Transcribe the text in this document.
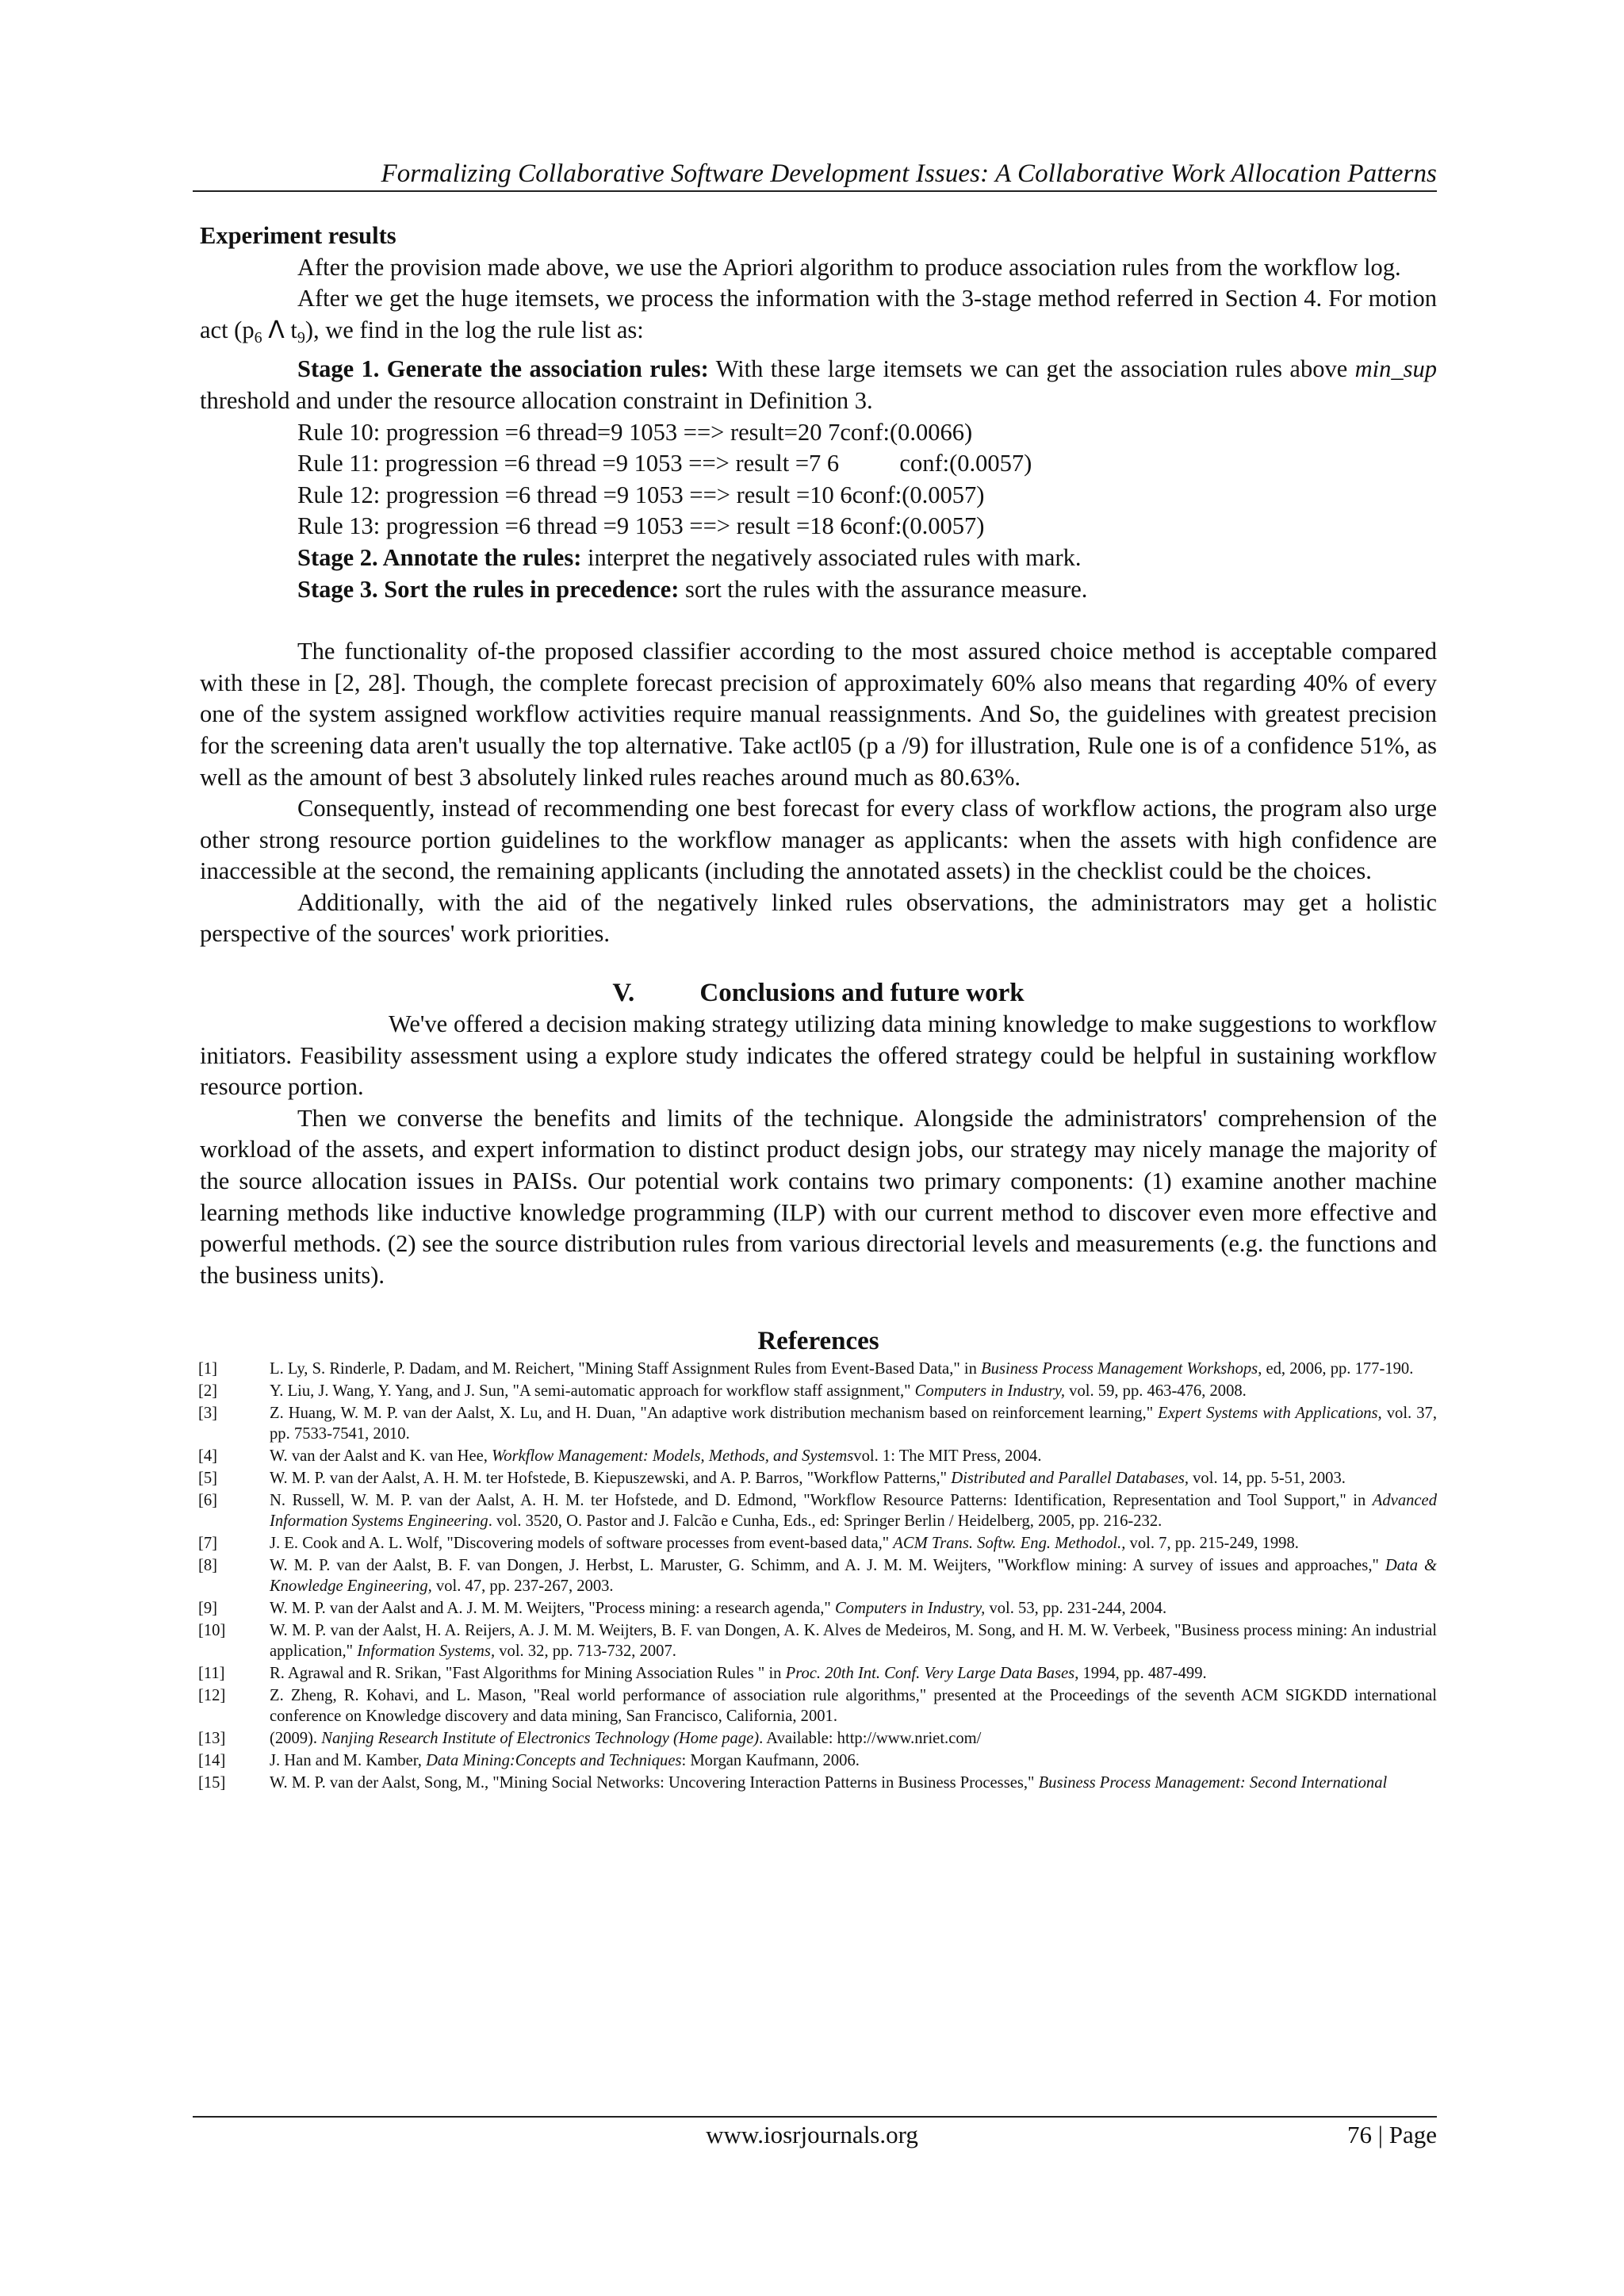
Formalizing Collaborative Software Development Issues: A Collaborative Work Allocation Patterns
Experiment results

After the provision made above, we use the Apriori algorithm to produce association rules from the workflow log.

After we get the huge itemsets, we process the information with the 3-stage method referred in Section 4. For motion act ($p_6$ Λ $t_9$), we find in the log the rule list as:

Stage 1. Generate the association rules: With these large itemsets we can get the association rules above min_sup threshold and under the resource allocation constraint in Definition 3.

Rule 10: progression =6 thread=9 1053 ==> result=20 7conf:(0.0066)
Rule 11: progression =6 thread =9 1053 ==> result =7 6          conf:(0.0057)
Rule 12: progression =6 thread =9 1053 ==> result =10 6conf:(0.0057)
Rule 13: progression =6 thread =9 1053 ==> result =18 6conf:(0.0057)
Stage 2. Annotate the rules: interpret the negatively associated rules with mark.
Stage 3. Sort the rules in precedence: sort the rules with the assurance measure.

The functionality of-the proposed classifier according to the most assured choice method is acceptable compared with these in [2, 28]. Though, the complete forecast precision of approximately 60% also means that regarding 40% of every one of the system assigned workflow activities require manual reassignments. And So, the guidelines with greatest precision for the screening data aren't usually the top alternative. Take actl05 (p a /9) for illustration, Rule one is of a confidence 51%, as well as the amount of best 3 absolutely linked rules reaches around much as 80.63%.

Consequently, instead of recommending one best forecast for every class of workflow actions, the program also urge other strong resource portion guidelines to the workflow manager as applicants: when the assets with high confidence are inaccessible at the second, the remaining applicants (including the annotated assets) in the checklist could be the choices.

Additionally, with the aid of the negatively linked rules observations, the administrators may get a holistic perspective of the sources' work priorities.

V. Conclusions and future work

We've offered a decision making strategy utilizing data mining knowledge to make suggestions to workflow initiators. Feasibility assessment using a explore study indicates the offered strategy could be helpful in sustaining workflow resource portion.

Then we converse the benefits and limits of the technique. Alongside the administrators' comprehension of the workload of the assets, and expert information to distinct product design jobs, our strategy may nicely manage the majority of the source allocation issues in PAISs. Our potential work contains two primary components: (1) examine another machine learning methods like inductive knowledge programming (ILP) with our current method to discover even more effective and powerful methods. (2) see the source distribution rules from various directorial levels and measurements (e.g. the functions and the business units).

References
[1]	L. Ly, S. Rinderle, P. Dadam, and M. Reichert, "Mining Staff Assignment Rules from Event-Based Data," in Business Process Management Workshops, ed, 2006, pp. 177-190.
[2]	Y. Liu, J. Wang, Y. Yang, and J. Sun, "A semi-automatic approach for workflow staff assignment," Computers in Industry, vol. 59, pp. 463-476, 2008.
[3]	Z. Huang, W. M. P. van der Aalst, X. Lu, and H. Duan, "An adaptive work distribution mechanism based on reinforcement learning," Expert Systems with Applications, vol. 37, pp. 7533-7541, 2010.
[4]	W. van der Aalst and K. van Hee, Workflow Management: Models, Methods, and Systemsvol. 1: The MIT Press, 2004.
[5]	W. M. P. van der Aalst, A. H. M. ter Hofstede, B. Kiepuszewski, and A. P. Barros, "Workflow Patterns," Distributed and Parallel Databases, vol. 14, pp. 5-51, 2003.
[6]	N. Russell, W. M. P. van der Aalst, A. H. M. ter Hofstede, and D. Edmond, "Workflow Resource Patterns: Identification, Representation and Tool Support," in Advanced Information Systems Engineering. vol. 3520, O. Pastor and J. Falcão e Cunha, Eds., ed: Springer Berlin / Heidelberg, 2005, pp. 216-232.
[7]	J. E. Cook and A. L. Wolf, "Discovering models of software processes from event-based data," ACM Trans. Softw. Eng. Methodol., vol. 7, pp. 215-249, 1998.
[8]	W. M. P. van der Aalst, B. F. van Dongen, J. Herbst, L. Maruster, G. Schimm, and A. J. M. M. Weijters, "Workflow mining: A survey of issues and approaches," Data & Knowledge Engineering, vol. 47, pp. 237-267, 2003.
[9]	W. M. P. van der Aalst and A. J. M. M. Weijters, "Process mining: a research agenda," Computers in Industry, vol. 53, pp. 231-244, 2004.
[10]	W. M. P. van der Aalst, H. A. Reijers, A. J. M. M. Weijters, B. F. van Dongen, A. K. Alves de Medeiros, M. Song, and H. M. W. Verbeek, "Business process mining: An industrial application," Information Systems, vol. 32, pp. 713-732, 2007.
[11]	R. Agrawal and R. Srikan, "Fast Algorithms for Mining Association Rules " in Proc. 20th Int. Conf. Very Large Data Bases, 1994, pp. 487-499.
[12]	Z. Zheng, R. Kohavi, and L. Mason, "Real world performance of association rule algorithms," presented at the Proceedings of the seventh ACM SIGKDD international conference on Knowledge discovery and data mining, San Francisco, California, 2001.
[13]	(2009). Nanjing Research Institute of Electronics Technology (Home page). Available: http://www.nriet.com/
[14]	J. Han and M. Kamber, Data Mining:Concepts and Techniques: Morgan Kaufmann, 2006.
[15]	W. M. P. van der Aalst, Song, M., "Mining Social Networks: Uncovering Interaction Patterns in Business Processes," Business Process Management: Second International
www.iosrjournals.org	76 | Page
